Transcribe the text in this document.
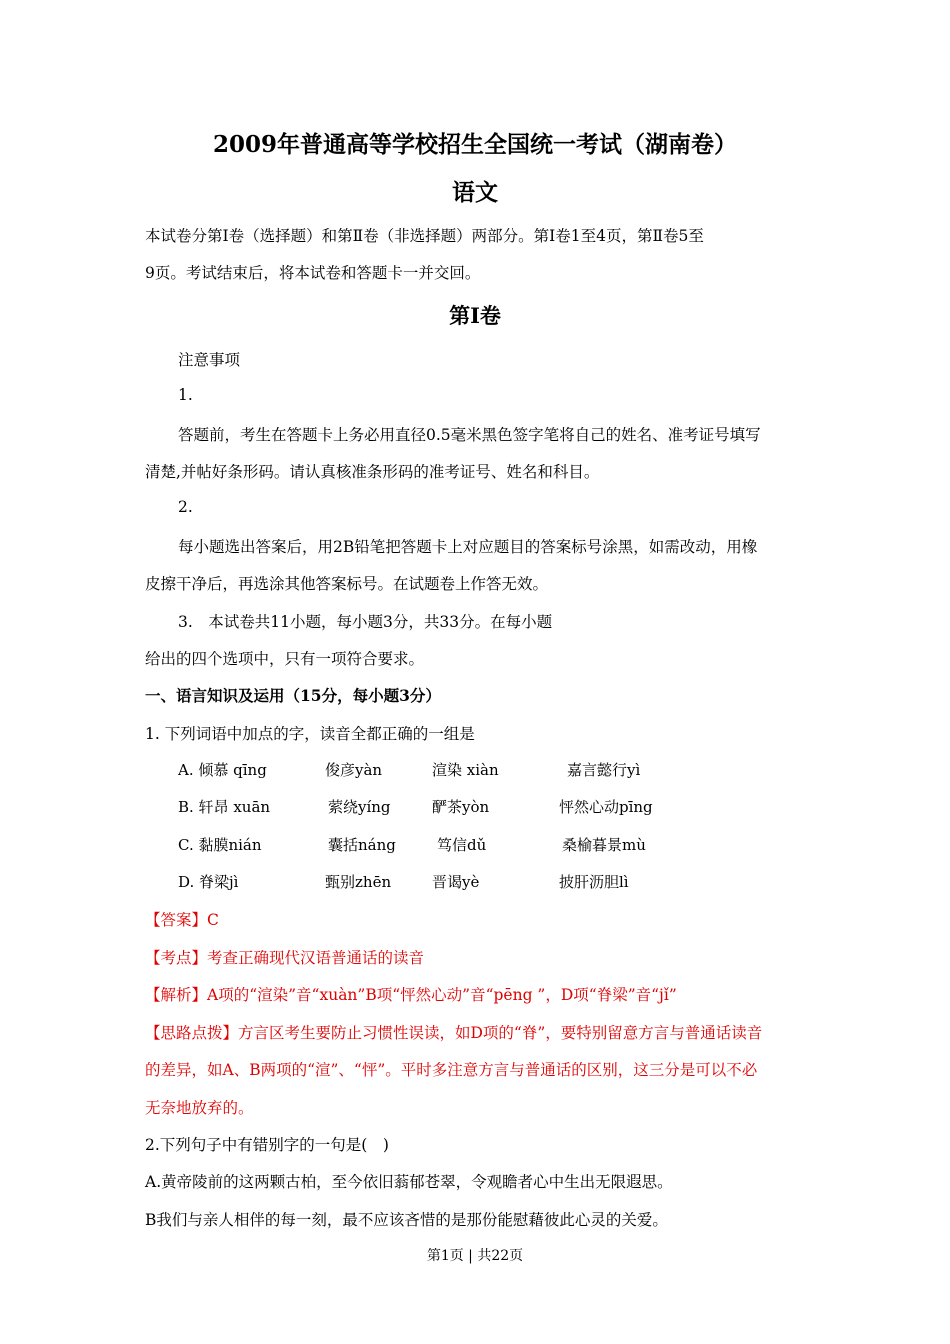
2009年普通高等学校招生全国统一考试（湖南卷）
语文
本试卷分第Ⅰ卷（选择题）和第Ⅱ卷（非选择题）两部分。第Ⅰ卷1至4页，第Ⅱ卷5至
9页。考试结束后，将本试卷和答题卡一并交回。
第Ⅰ卷
注意事项
1.
答题前，考生在答题卡上务必用直径0.5毫米黑色签字笔将自己的姓名、准考证号填写
清楚,并帖好条形码。请认真核准条形码的准考证号、姓名和科目。
2.
每小题选出答案后，用2B铅笔把答题卡上对应题目的答案标号涂黑，如需改动，用橡
皮擦干净后，再选涂其他答案标号。在试题卷上作答无效。
3.　本试卷共11小题，每小题3分，共33分。在每小题
给出的四个选项中，只有一项符合要求。
一、语言知识及运用（15分，每小题3分）
1. 下列词语中加点的字，读音全都正确的一组是
A. 倾慕 qīng	俊彦yàn	渲染 xiàn	嘉言懿行yì
B. 轩昂 xuān	萦绕yíng	酽茶yòn	怦然心动pīng
C. 黏膜nián	囊括náng	笃信dǔ	桑榆暮景mù
D. 脊梁jì	甄别zhēn	晋谒yè	披肝沥胆lì
【答案】C
【考点】考查正确现代汉语普通话的读音
【解析】A项的“渲染”音“xuàn”B项“怦然心动”音“pēng ”，D项“脊梁”音“jǐ”
【思路点拨】方言区考生要防止习惯性误读，如D项的“脊”，要特别留意方言与普通话读音
的差异，如A、B两项的“渲”、“怦”。平时多注意方言与普通话的区别，这三分是可以不必
无奈地放弃的。
2.下列句子中有错别字的一句是(　)
A.黄帝陵前的这两颗古柏，至今依旧蓊郁苍翠，令观瞻者心中生出无限遐思。
B我们与亲人相伴的每一刻，最不应该吝惜的是那份能慰藉彼此心灵的关爱。
第1页 | 共22页
